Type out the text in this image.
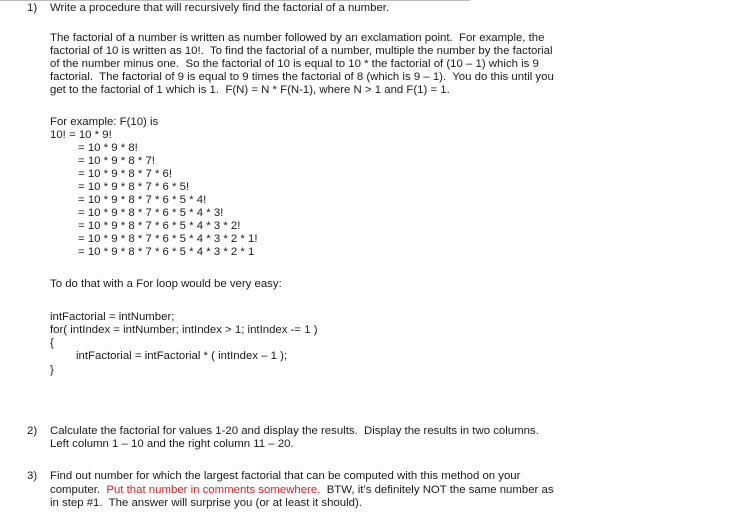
1) Write a procedure that will recursively find the factorial of a number.
The factorial of a number is written as number followed by an exclamation point.  For example, the
factorial of 10 is written as 10!.  To find the factorial of a number, multiple the number by the factorial
of the number minus one.  So the factorial of 10 is equal to 10 * the factorial of (10 – 1) which is 9
factorial.  The factorial of 9 is equal to 9 times the factorial of 8 (which is 9 – 1).  You do this until you
get to the factorial of 1 which is 1.  F(N) = N * F(N-1), where N > 1 and F(1) = 1.
For example: F(10) is
10! = 10 * 9!
= 10 * 9 * 8!
= 10 * 9 * 8 * 7!
= 10 * 9 * 8 * 7 * 6!
= 10 * 9 * 8 * 7 * 6 * 5!
= 10 * 9 * 8 * 7 * 6 * 5 * 4!
= 10 * 9 * 8 * 7 * 6 * 5 * 4 * 3!
= 10 * 9 * 8 * 7 * 6 * 5 * 4 * 3 * 2!
= 10 * 9 * 8 * 7 * 6 * 5 * 4 * 3 * 2 * 1!
= 10 * 9 * 8 * 7 * 6 * 5 * 4 * 3 * 2 * 1
To do that with a For loop would be very easy:
intFactorial = intNumber;
for( intIndex = intNumber; intIndex > 1; intIndex -= 1 )
{
intFactorial = intFactorial * ( intIndex – 1 );
}
2) Calculate the factorial for values 1-20 and display the results.  Display the results in two columns.
Left column 1 – 10 and the right column 11 – 20.
3) Find out number for which the largest factorial that can be computed with this method on your
computer.  Put that number in comments somewhere.  BTW, it’s definitely NOT the same number as
in step #1.  The answer will surprise you (or at least it should).
